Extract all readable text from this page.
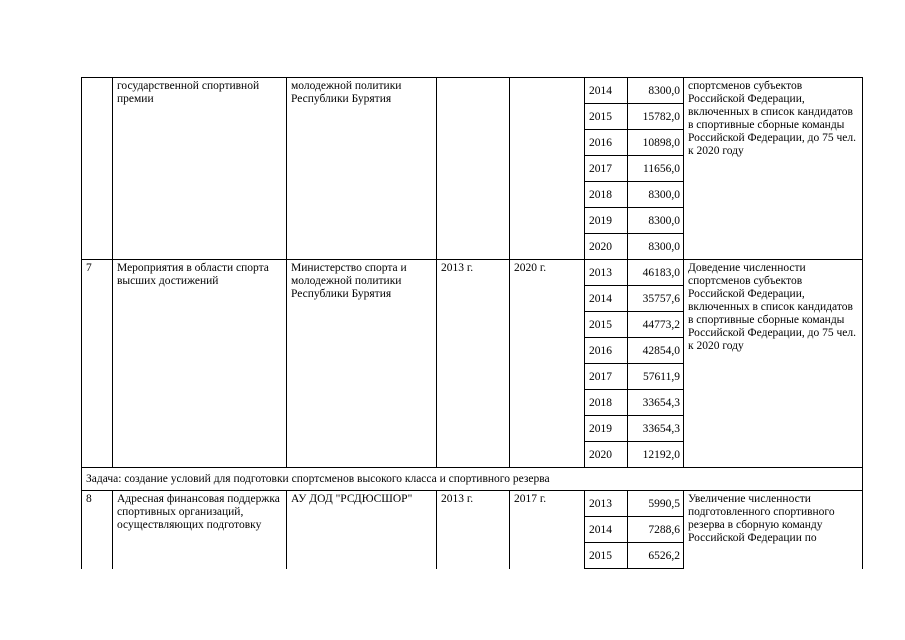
	государственной спортивной премии	молодежной политики Республики Бурятия			2014	8300,0	спортсменов субъектов Российской Федерации, включенных в список кандидатов в спортивные сборные команды Российской Федерации, до 75 чел. к 2020 году
					2015	15782,0	
					2016	10898,0	
					2017	11656,0	
					2018	8300,0	
					2019	8300,0	
					2020	8300,0	
7	Мероприятия в области спорта высших достижений	Министерство спорта и молодежной политики Республики Бурятия	2013 г.	2020 г.	2013	46183,0	Доведение численности спортсменов субъектов Российской Федерации, включенных в список кандидатов в спортивные сборные команды Российской Федерации, до 75 чел. к 2020 году
					2014	35757,6	
					2015	44773,2	
					2016	42854,0	
					2017	57611,9	
					2018	33654,3	
					2019	33654,3	
					2020	12192,0	
Задача: создание условий для подготовки спортсменов высокого класса и спортивного резерва							
8	Адресная финансовая поддержка спортивных организаций, осуществляющих подготовку	АУ ДОД "РСДЮСШОР"	2013 г.	2017 г.	2013	5990,5	Увеличение численности подготовленного спортивного резерва в сборную команду Российской Федерации по
					2014	7288,6	
					2015	6526,2	
